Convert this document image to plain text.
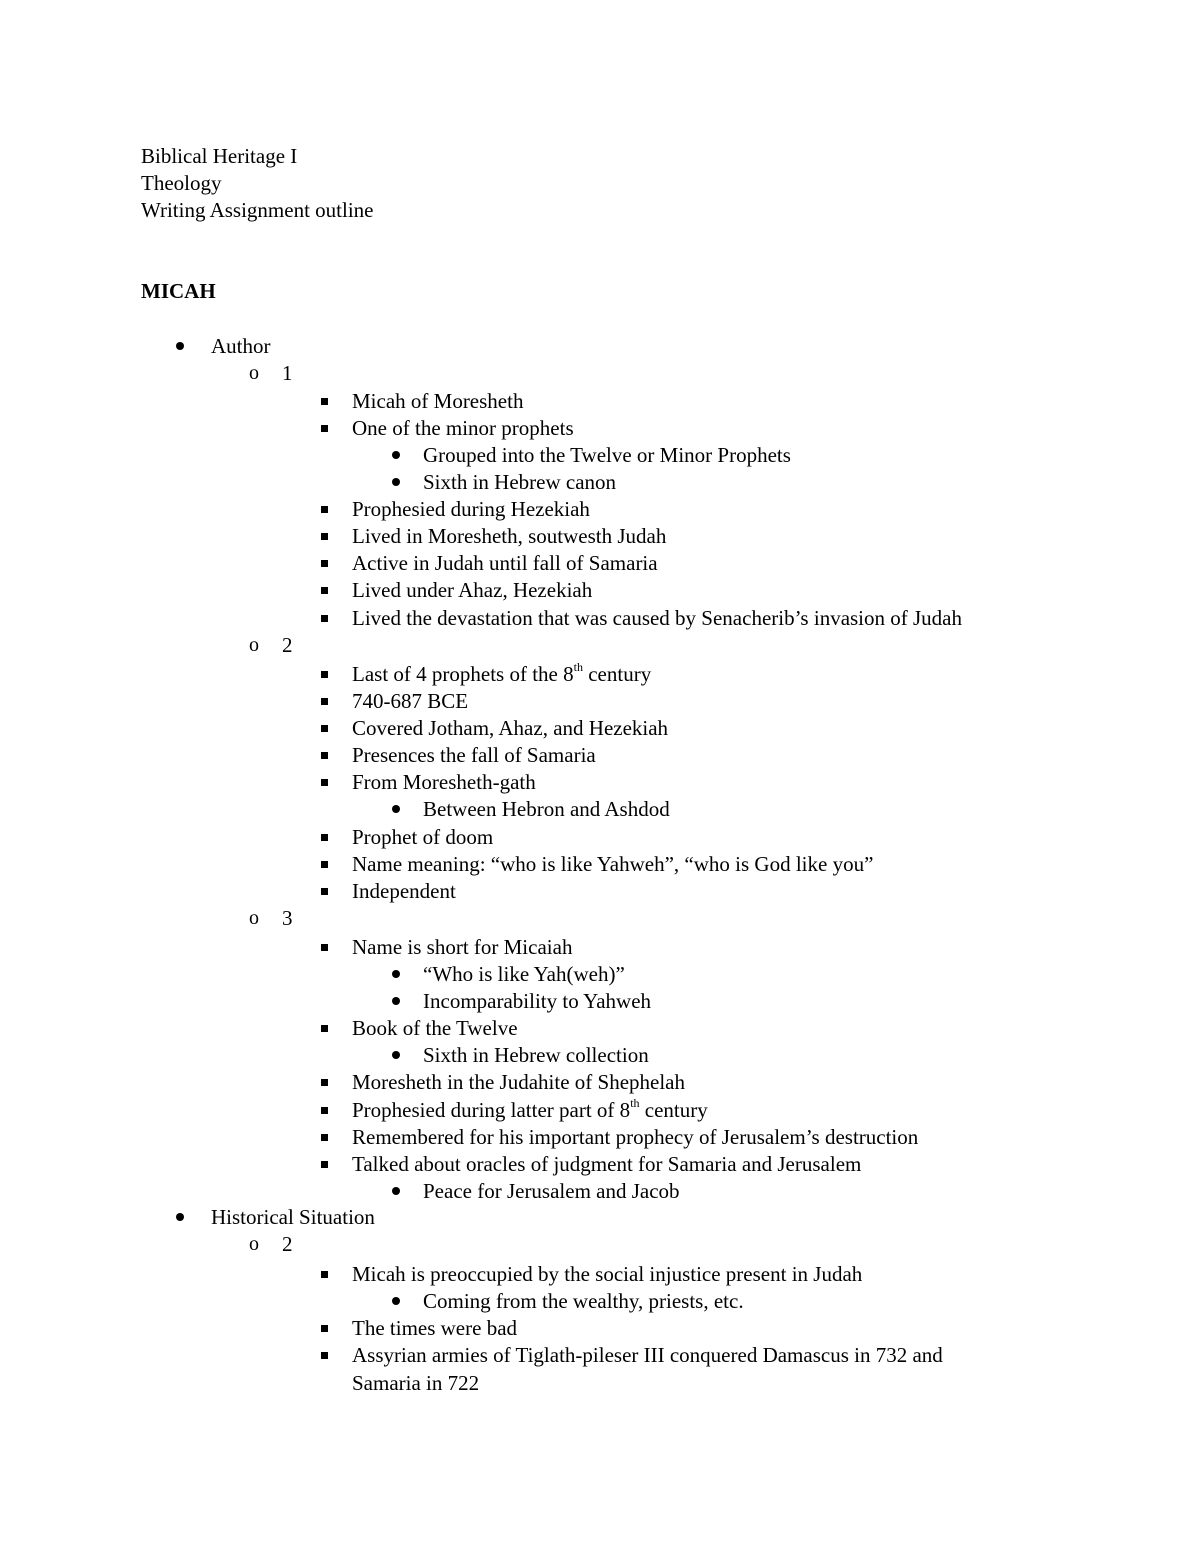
Biblical Heritage I
Theology
Writing Assignment outline
MICAH
Author
o 1
Micah of Moresheth
One of the minor prophets
Grouped into the Twelve or Minor Prophets
Sixth in Hebrew canon
Prophesied during Hezekiah
Lived in Moresheth, soutwesth Judah
Active in Judah until fall of Samaria
Lived under Ahaz, Hezekiah
Lived the devastation that was caused by Senacherib’s invasion of Judah
o 2
Last of 4 prophets of the 8th century
740-687 BCE
Covered Jotham, Ahaz, and Hezekiah
Presences the fall of Samaria
From Moresheth-gath
Between Hebron and Ashdod
Prophet of doom
Name meaning: “who is like Yahweh”, “who is God like you”
Independent
o 3
Name is short for Micaiah
“Who is like Yah(weh)”
Incomparability to Yahweh
Book of the Twelve
Sixth in Hebrew collection
Moresheth in the Judahite of Shephelah
Prophesied during latter part of 8th century
Remembered for his important prophecy of Jerusalem’s destruction
Talked about oracles of judgment for Samaria and Jerusalem
Peace for Jerusalem and Jacob
Historical Situation
o 2
Micah is preoccupied by the social injustice present in Judah
Coming from the wealthy, priests, etc.
The times were bad
Assyrian armies of Tiglath-pileser III conquered Damascus in 732 and
Samaria in 722
